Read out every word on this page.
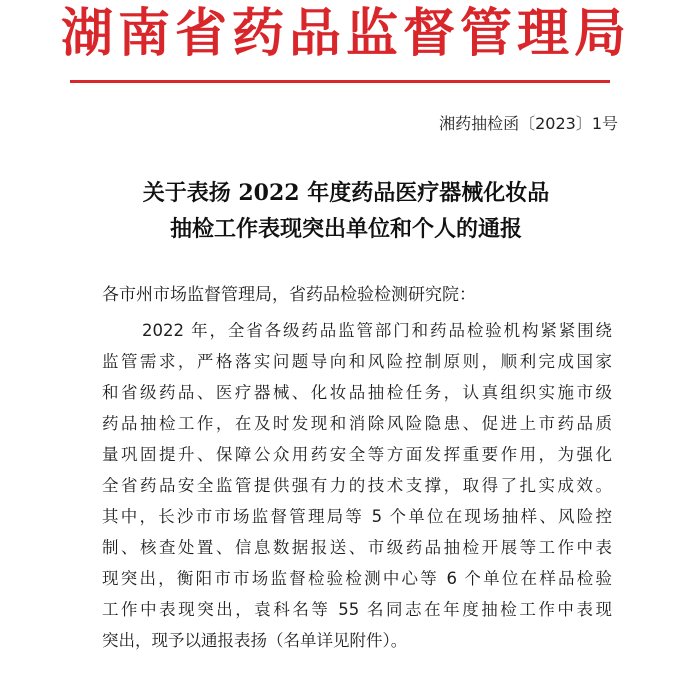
湖南省药品监督管理局
湘药抽检函〔2023〕1号
关于表扬 2022 年度药品医疗器械化妆品
抽检工作表现突出单位和个人的通报
各市州市场监督管理局，省药品检验检测研究院：
2022 年，全省各级药品监管部门和药品检验机构紧紧围绕
监管需求，严格落实问题导向和风险控制原则，顺利完成国家
和省级药品、医疗器械、化妆品抽检任务，认真组织实施市级
药品抽检工作，在及时发现和消除风险隐患、促进上市药品质
量巩固提升、保障公众用药安全等方面发挥重要作用，为强化
全省药品安全监管提供强有力的技术支撑，取得了扎实成效。
其中，长沙市市场监督管理局等 5 个单位在现场抽样、风险控
制、核查处置、信息数据报送、市级药品抽检开展等工作中表
现突出，衡阳市市场监督检验检测中心等 6 个单位在样品检验
工作中表现突出，袁科名等 55 名同志在年度抽检工作中表现
突出，现予以通报表扬（名单详见附件）。
